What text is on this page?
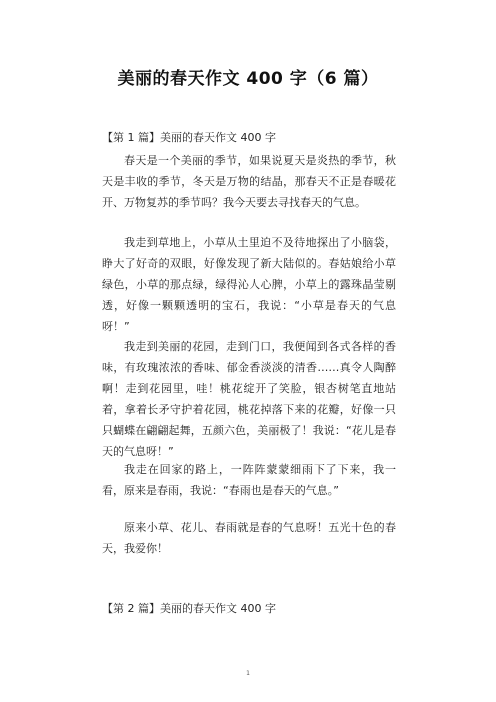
美丽的春天作文 400 字（6 篇）
【第 1 篇】美丽的春天作文 400 字

春天是一个美丽的季节，如果说夏天是炎热的季节，秋天是丰收的季节，冬天是万物的结晶，那春天不正是春暖花开、万物复苏的季节吗？我今天要去寻找春天的气息。

我走到草地上，小草从土里迫不及待地探出了小脑袋，睁大了好奇的双眼，好像发现了新大陆似的。春姑娘给小草绿色，小草的那点绿，绿得沁人心脾，小草上的露珠晶莹剔透，好像一颗颗透明的宝石，我说：“小草是春天的气息呀！”

我走到美丽的花园，走到门口，我便闻到各式各样的香味，有玫瑰浓浓的香味、郁金香淡淡的清香……真令人陶醉啊！走到花园里，哇！桃花绽开了笑脸，银杏树笔直地站着，拿着长矛守护着花园，桃花掉落下来的花瓣，好像一只只蝴蝶在翩翩起舞，五颜六色，美丽极了！我说：“花儿是春天的气息呀！”

我走在回家的路上，一阵阵蒙蒙细雨下了下来，我一看，原来是春雨，我说：“春雨也是春天的气息。”

原来小草、花儿、春雨就是春的气息呀！五光十色的春天，我爱你！

【第 2 篇】美丽的春天作文 400 字
1
